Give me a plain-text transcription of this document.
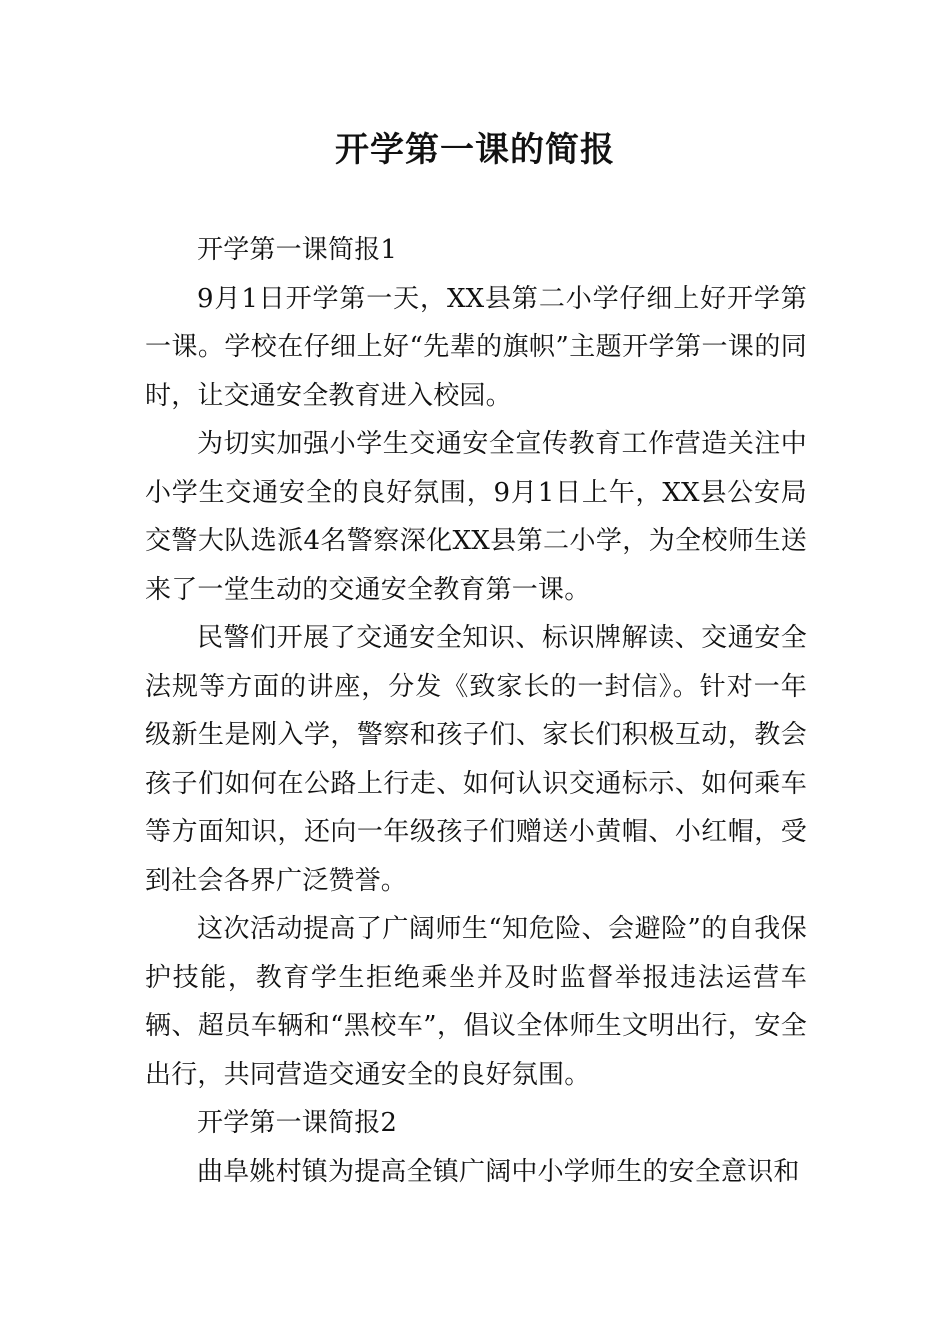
开学第一课的简报

开学第一课简报1

9月1日开学第一天，XX县第二小学仔细上好开学第一课。学校在仔细上好“先辈的旗帜”主题开学第一课的同时，让交通安全教育进入校园。

为切实加强小学生交通安全宣传教育工作营造关注中小学生交通安全的良好氛围，9月1日上午，XX县公安局交警大队选派4名警察深化XX县第二小学，为全校师生送来了一堂生动的交通安全教育第一课。

民警们开展了交通安全知识、标识牌解读、交通安全法规等方面的讲座，分发《致家长的一封信》。针对一年级新生是刚入学，警察和孩子们、家长们积极互动，教会孩子们如何在公路上行走、如何认识交通标示、如何乘车等方面知识，还向一年级孩子们赠送小黄帽、小红帽，受到社会各界广泛赞誉。

这次活动提高了广阔师生“知危险、会避险”的自我保护技能，教育学生拒绝乘坐并及时监督举报违法运营车辆、超员车辆和“黑校车”，倡议全体师生文明出行，安全出行，共同营造交通安全的良好氛围。

开学第一课简报2

曲阜姚村镇为提高全镇广阔中小学师生的安全意识和
